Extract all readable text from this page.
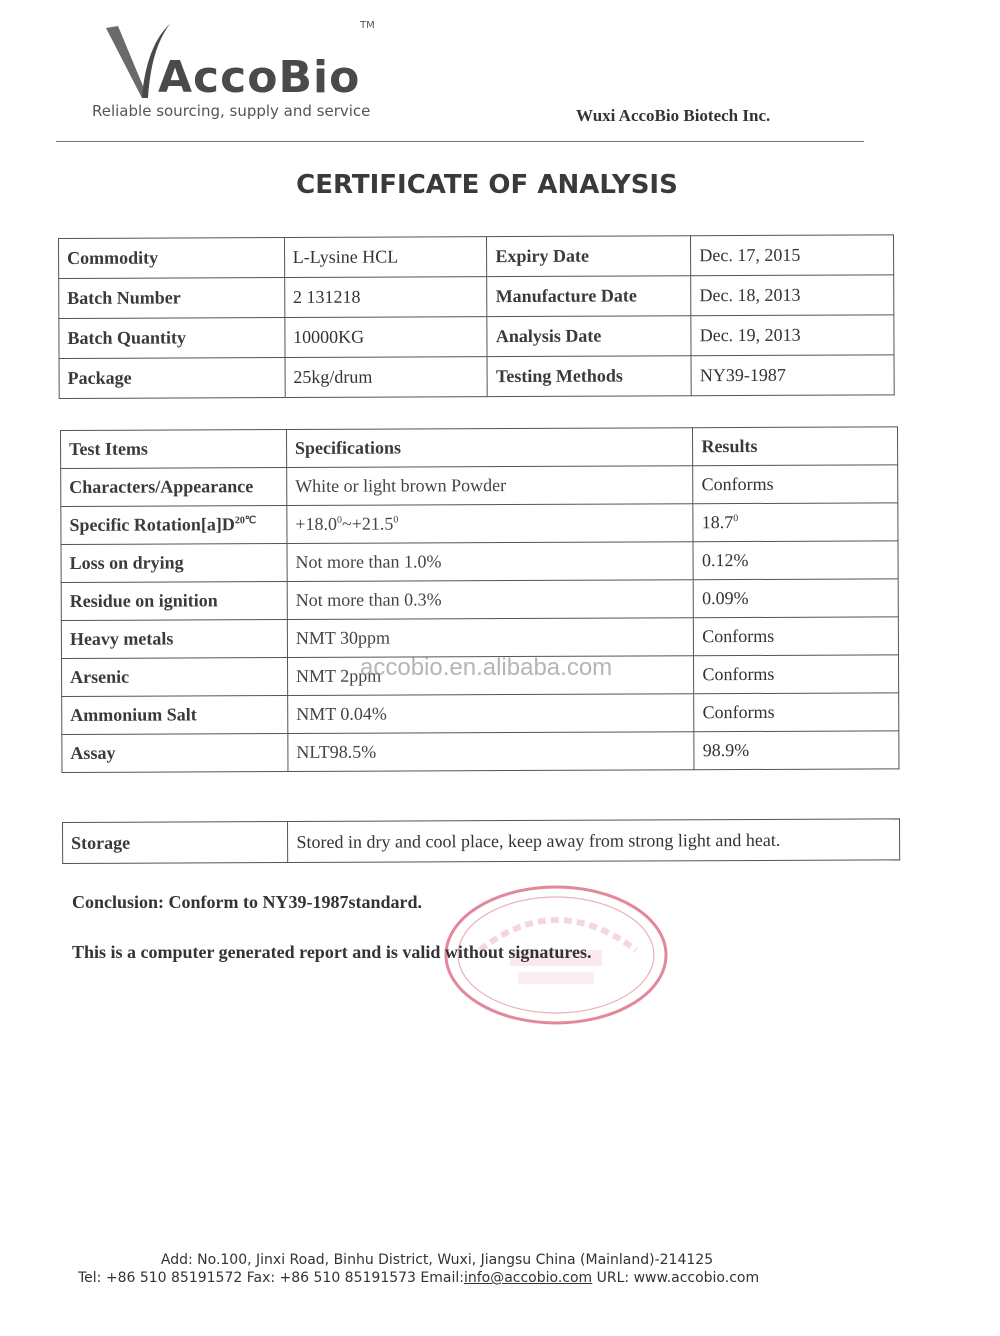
AccoBio
TM
Reliable sourcing, supply and service	Wuxi AccoBio Biotech Inc.
CERTIFICATE OF ANALYSIS
Commodity	L-Lysine HCL	Expiry Date	Dec. 17, 2015
Batch Number	2 131218	Manufacture Date	Dec. 18, 2013
Batch Quantity	10000KG	Analysis Date	Dec. 19, 2013
Package	25kg/drum	Testing Methods	NY39-1987
Test Items	Specifications	Results
Characters/Appearance	White or light brown Powder	Conforms
Specific $Rotation[a]D^{20℃}$	$+18.0^0\sim+21.5^0$	18.7$^0$
Loss on drying	Not more than 1.0%	0.12%
Residue on ignition	Not more than 0.3%	0.09%
Heavy metals	NMT 30ppm	Conforms
Arsenic	NMT 2ppm	Conforms
Ammonium Salt	NMT 0.04%	Conforms
Assay	NLT98.5%	98.9%
accobio.en.alibaba.com
Storage	Stored in dry and cool place, keep away from strong light and heat.
Conclusion: Conform to NY39-1987standard.
This is a computer generated report and is valid without signatures.
Add: No.100, Jinxi Road, Binhu District, Wuxi, Jiangsu China (Mainland)-214125
Tel: +86 510 85191572 Fax: +86 510 85191573 Email:info@accobio.com URL: www.accobio.com
